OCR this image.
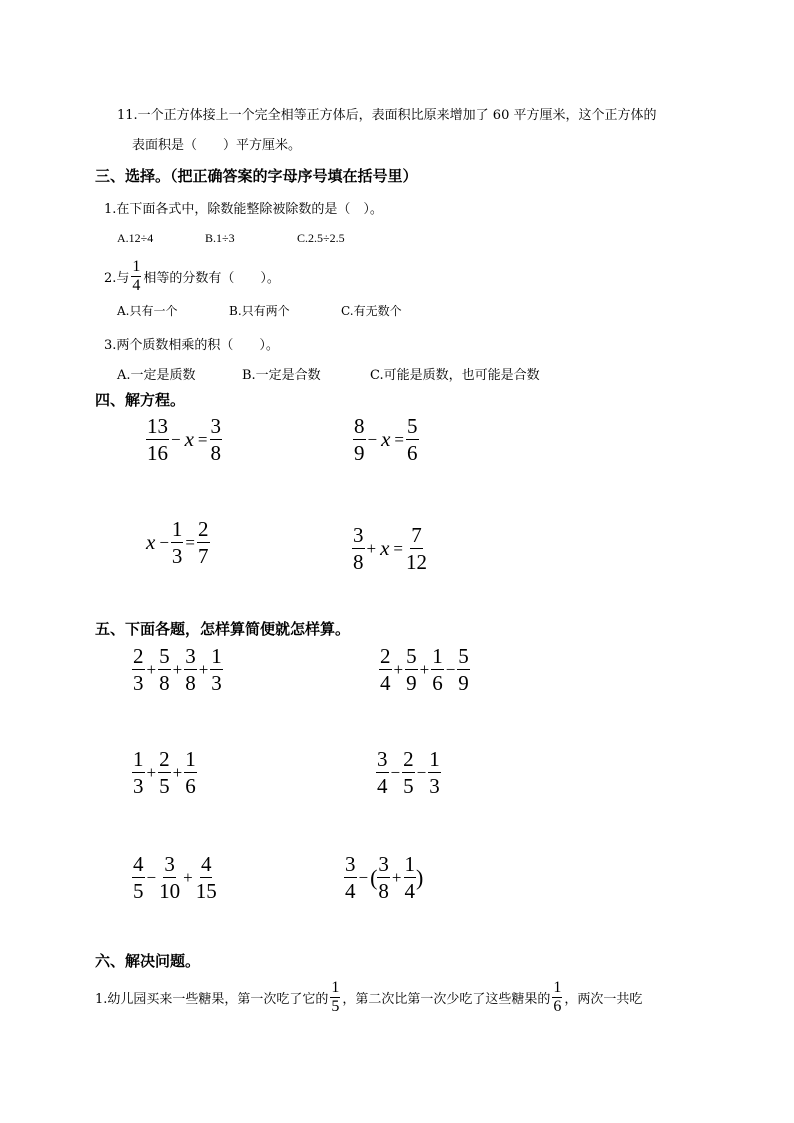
11.一个正方体接上一个完全相等正方体后，表面积比原来增加了 60 平方厘米，这个正方体的
表面积是（　　）平方厘米。
三、选择。（把正确答案的字母序号填在括号里）
1.在下面各式中，除数能整除被除数的是（　）。
A.12÷4	B.1÷3	C.2.5÷2.5
2.与
1
4 相等的分数有（　　）。
A.只有一个	B.只有两个	C.有无数个
3.两个质数相乘的积（　　）。
A.一定是质数	B.一定是合数	C.可能是质数，也可能是合数
四、解方程。
13
16
− $x = \frac{3}{8}$	8
9
− $x = \frac{5}{6}$
$x - \frac{1}{3} = \frac{2}{7}$	3
8
+ $x = \frac{7}{12}$
五、下面各题，怎样算简便就怎样算。
2
3
+ $\frac{5}{8} + \frac{3}{8} + \frac{1}{3}$	2
4
+ $\frac{5}{9} + \frac{1}{6} - \frac{5}{9}$
1
3
+ $\frac{2}{5} + \frac{1}{6}$	3
4
− $\frac{2}{5} - \frac{1}{3}$
4
5
− $\frac{3}{10} + \frac{4}{15}$	3
4
− (
3
8
+ $\frac{1}{4}$ )
六、解决问题。
1.幼儿园买来一些糖果，第一次吃了它的
1
5 ，第二次比第一次少吃了这些糖果的
1
6 ，两次一共吃
